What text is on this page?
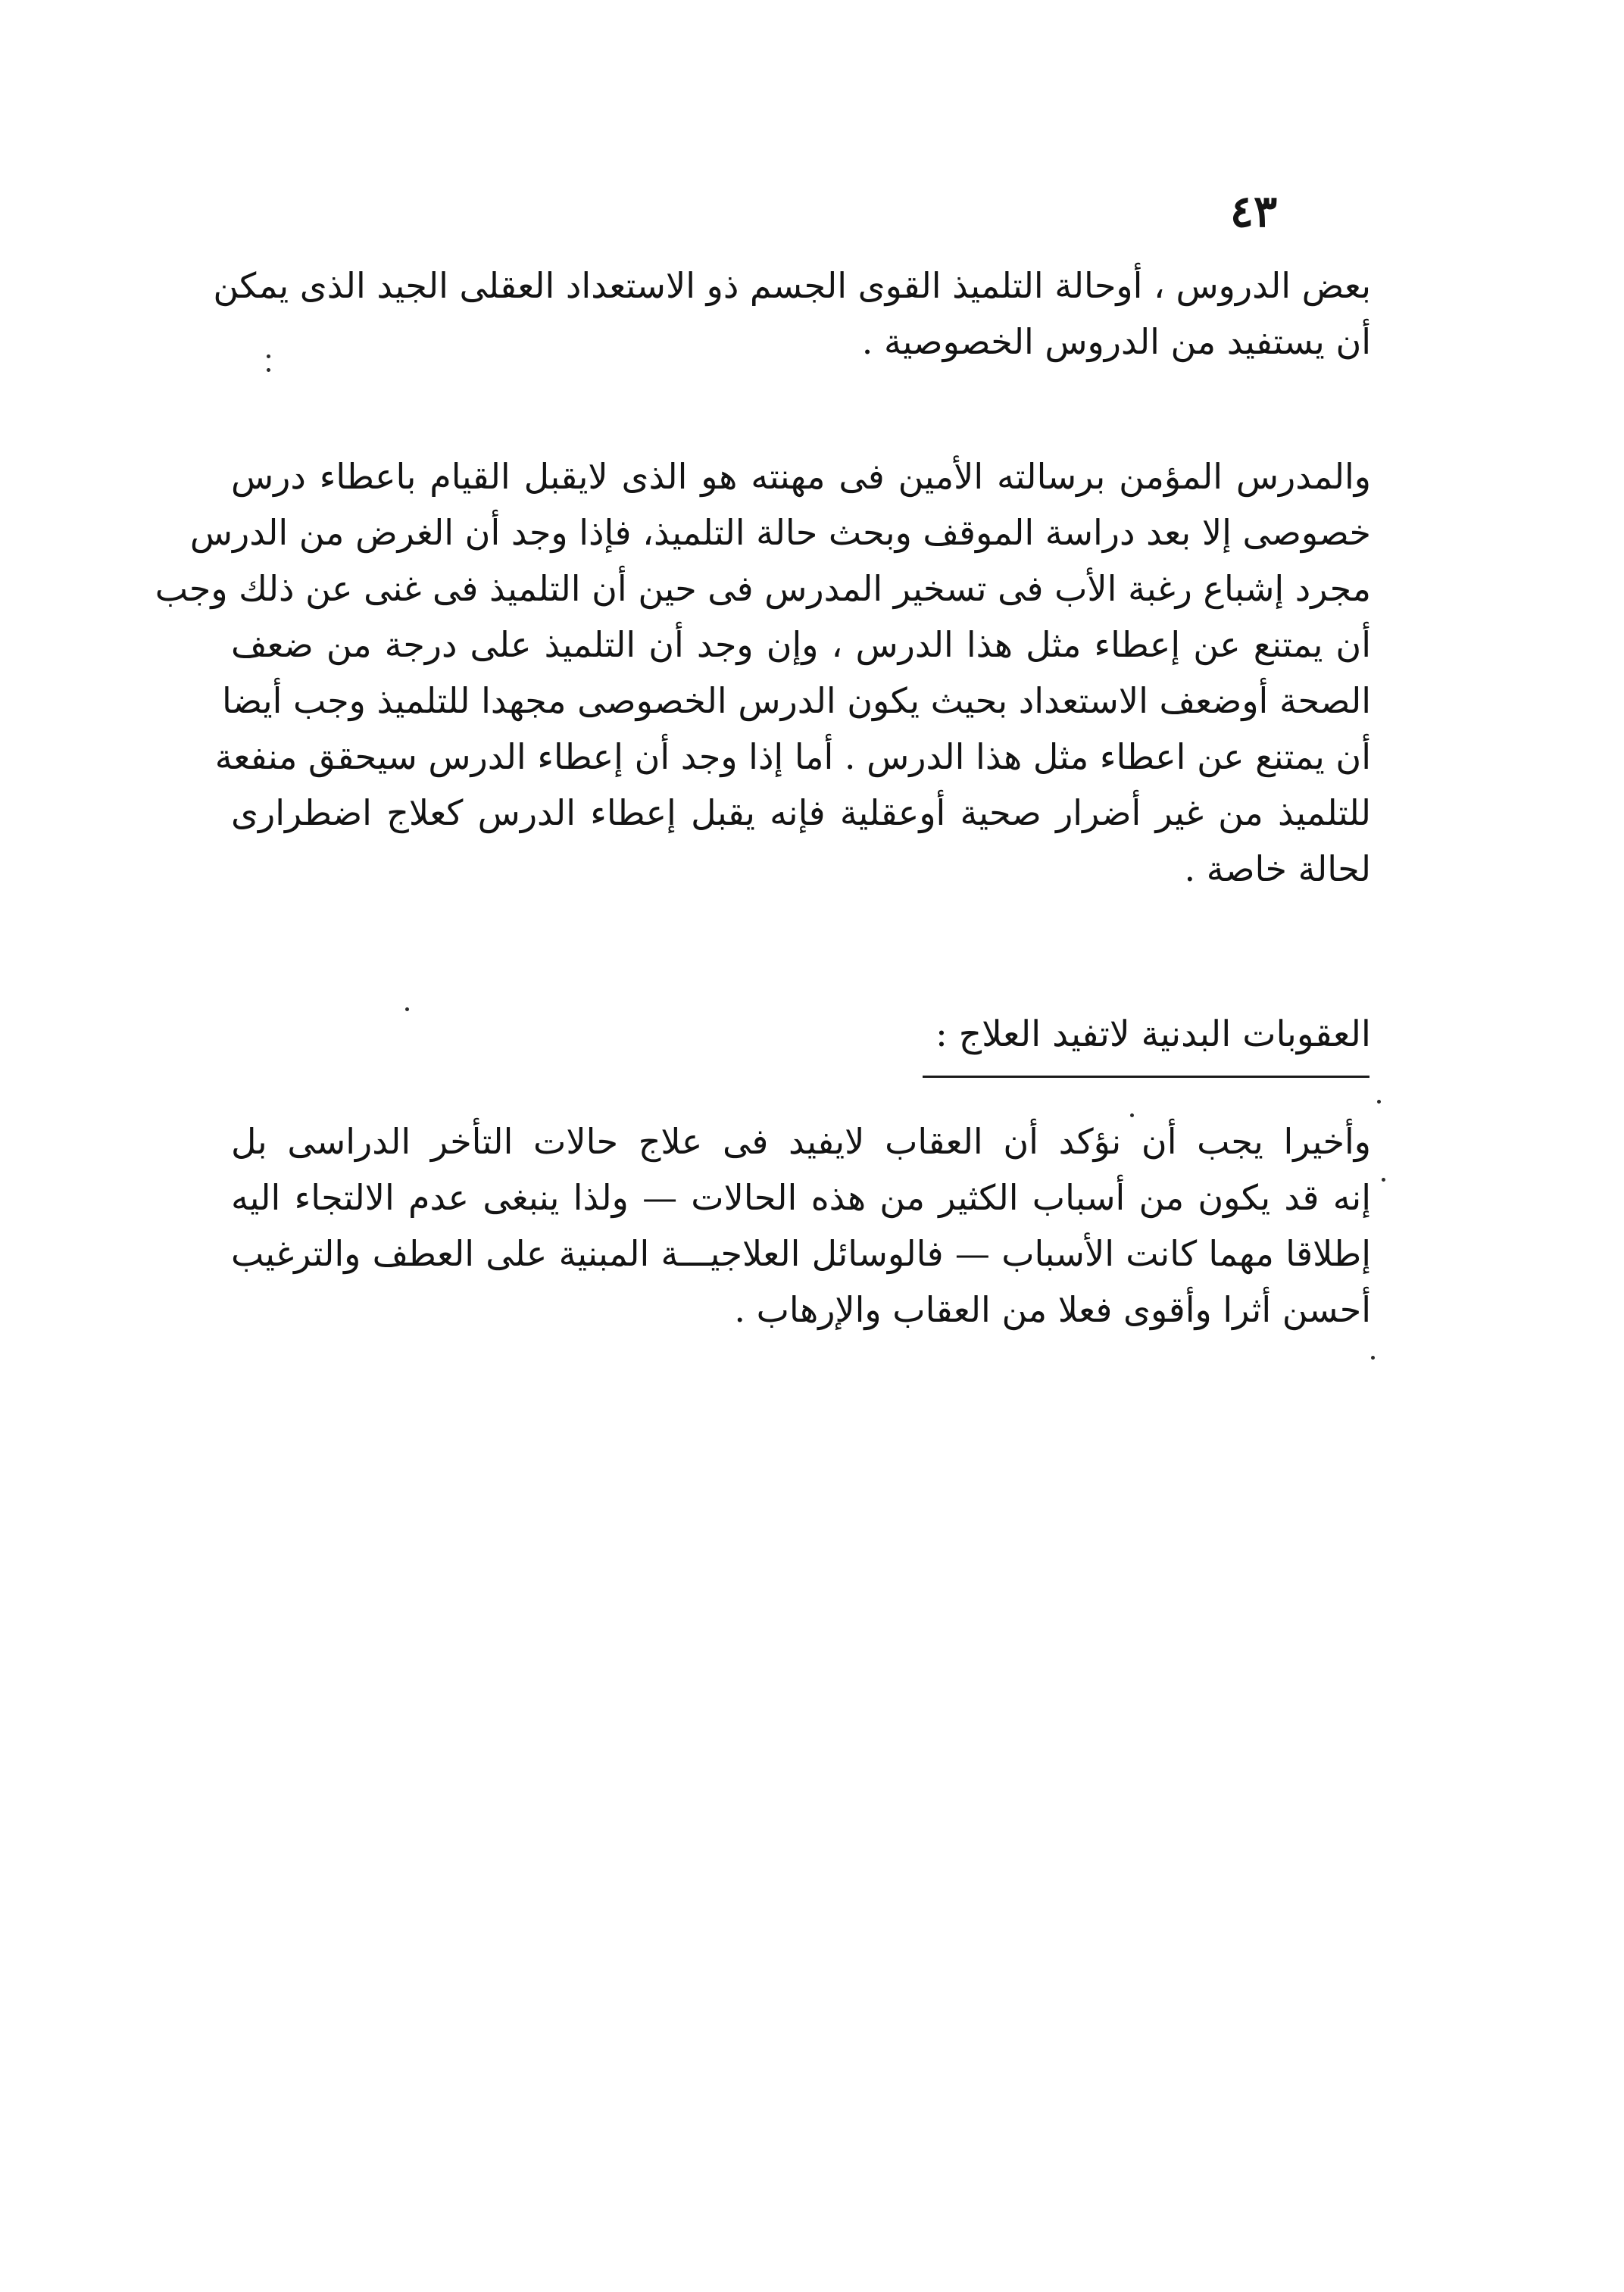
٤٣
بعض الدروس ، أوحالة التلميذ القوى الجسم ذو الاستعداد العقلى الجيد الذى يمكن
أن يستفيد من الدروس الخصوصية .
والمدرس المؤمن برسالته الأمين فى مهنته هو الذى لايقبل القيام باعطاء درس
خصوصى إلا بعد دراسة الموقف وبحث حالة التلميذ، فإذا وجد أن الغرض من الدرس
مجرد إشباع رغبة الأب فى تسخير المدرس فى حين أن التلميذ فى غنى عن ذلك وجب
أن يمتنع عن إعطاء مثل هذا الدرس ، وإن وجد أن التلميذ على درجة من ضعف
الصحة أوضعف الاستعداد بحيث يكون الدرس الخصوصى مجهدا للتلميذ وجب أيضا
أن يمتنع عن اعطاء مثل هذا الدرس . أما إذا وجد أن إعطاء الدرس سيحقق منفعة
للتلميذ من غير أضرار صحية أوعقلية فإنه يقبل إعطاء الدرس كعلاج اضطرارى
لحالة خاصة .
العقوبات البدنية لاتفيد العلاج :
وأخيرا يجب أن نؤكد أن العقاب لايفيد فى علاج حالات التأخر الدراسى بل
إنه قد يكون من أسباب الكثير من هذه الحالات — ولذا ينبغى عدم الالتجاء اليه
إطلاقا مهما كانت الأسباب — فالوسائل العلاجيـــة المبنية على العطف والترغيب
أحسن أثرا وأقوى فعلا من العقاب والإرهاب .
